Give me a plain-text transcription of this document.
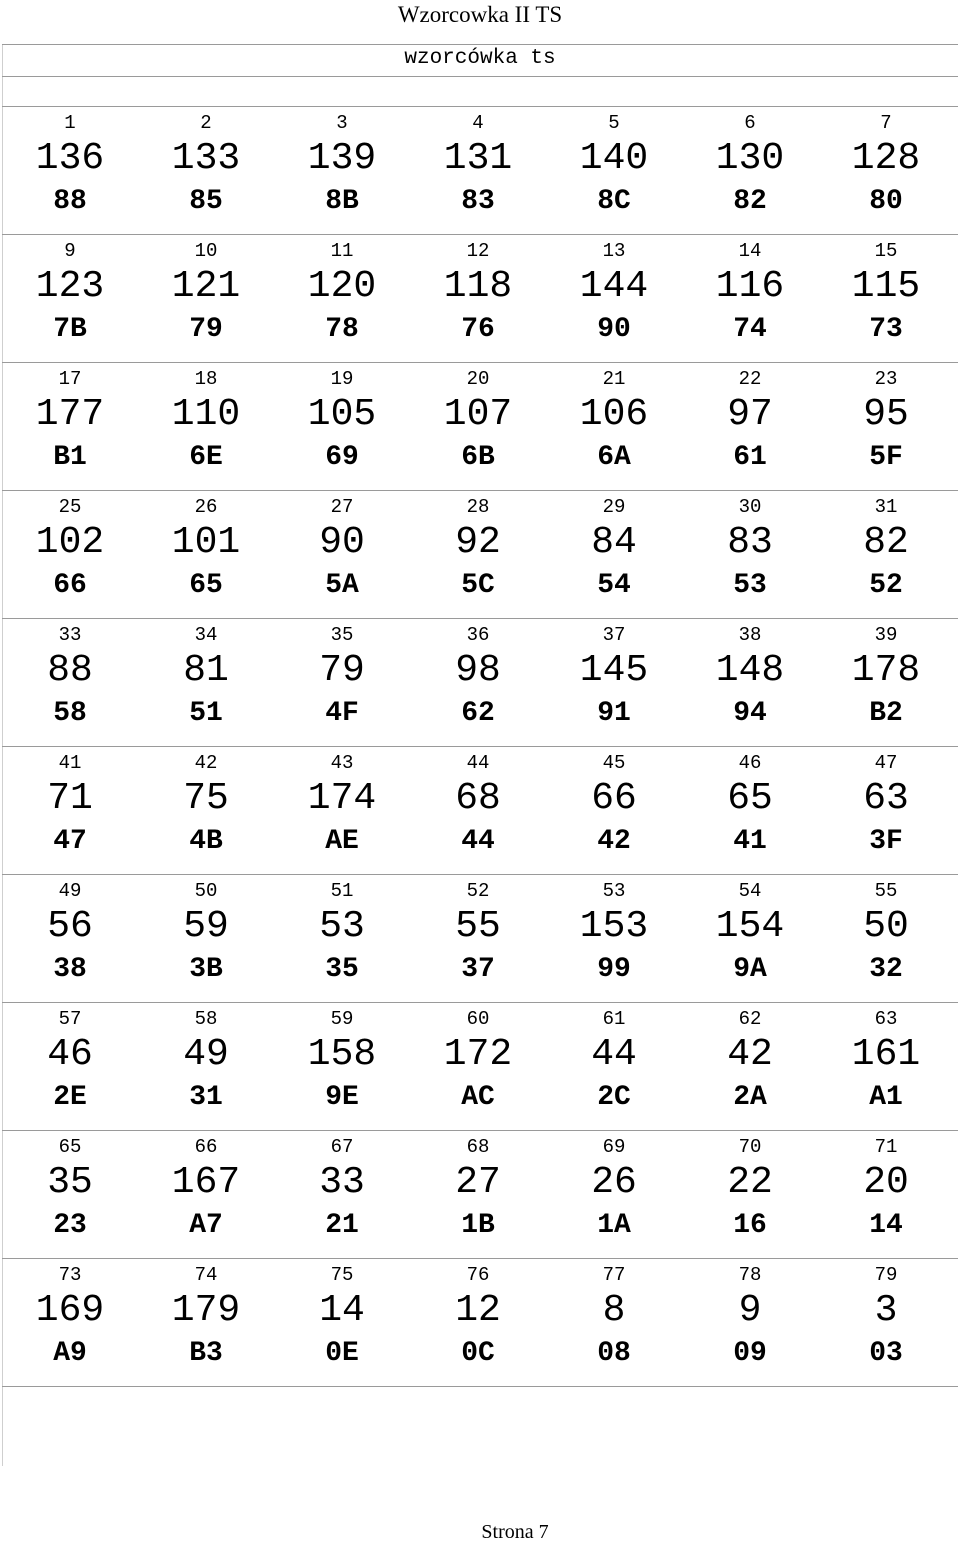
Wzorcowka II TS
wzorcówka ts
1
136
88
2
133
85
3
139
8B
4
131
83
5
140
8C
6
130
82
7
128
80
9
123
7B
10
121
79
11
120
78
12
118
76
13
144
90
14
116
74
15
115
73
17
177
B1
18
110
6E
19
105
69
20
107
6B
21
106
6A
22
97
61
23
95
5F
25
102
66
26
101
65
27
90
5A
28
92
5C
29
84
54
30
83
53
31
82
52
33
88
58
34
81
51
35
79
4F
36
98
62
37
145
91
38
148
94
39
178
B2
41
71
47
42
75
4B
43
174
AE
44
68
44
45
66
42
46
65
41
47
63
3F
49
56
38
50
59
3B
51
53
35
52
55
37
53
153
99
54
154
9A
55
50
32
57
46
2E
58
49
31
59
158
9E
60
172
AC
61
44
2C
62
42
2A
63
161
A1
65
35
23
66
167
A7
67
33
21
68
27
1B
69
26
1A
70
22
16
71
20
14
73
169
A9
74
179
B3
75
14
0E
76
12
0C
77
8
08
78
9
09
79
3
03
Strona 7
